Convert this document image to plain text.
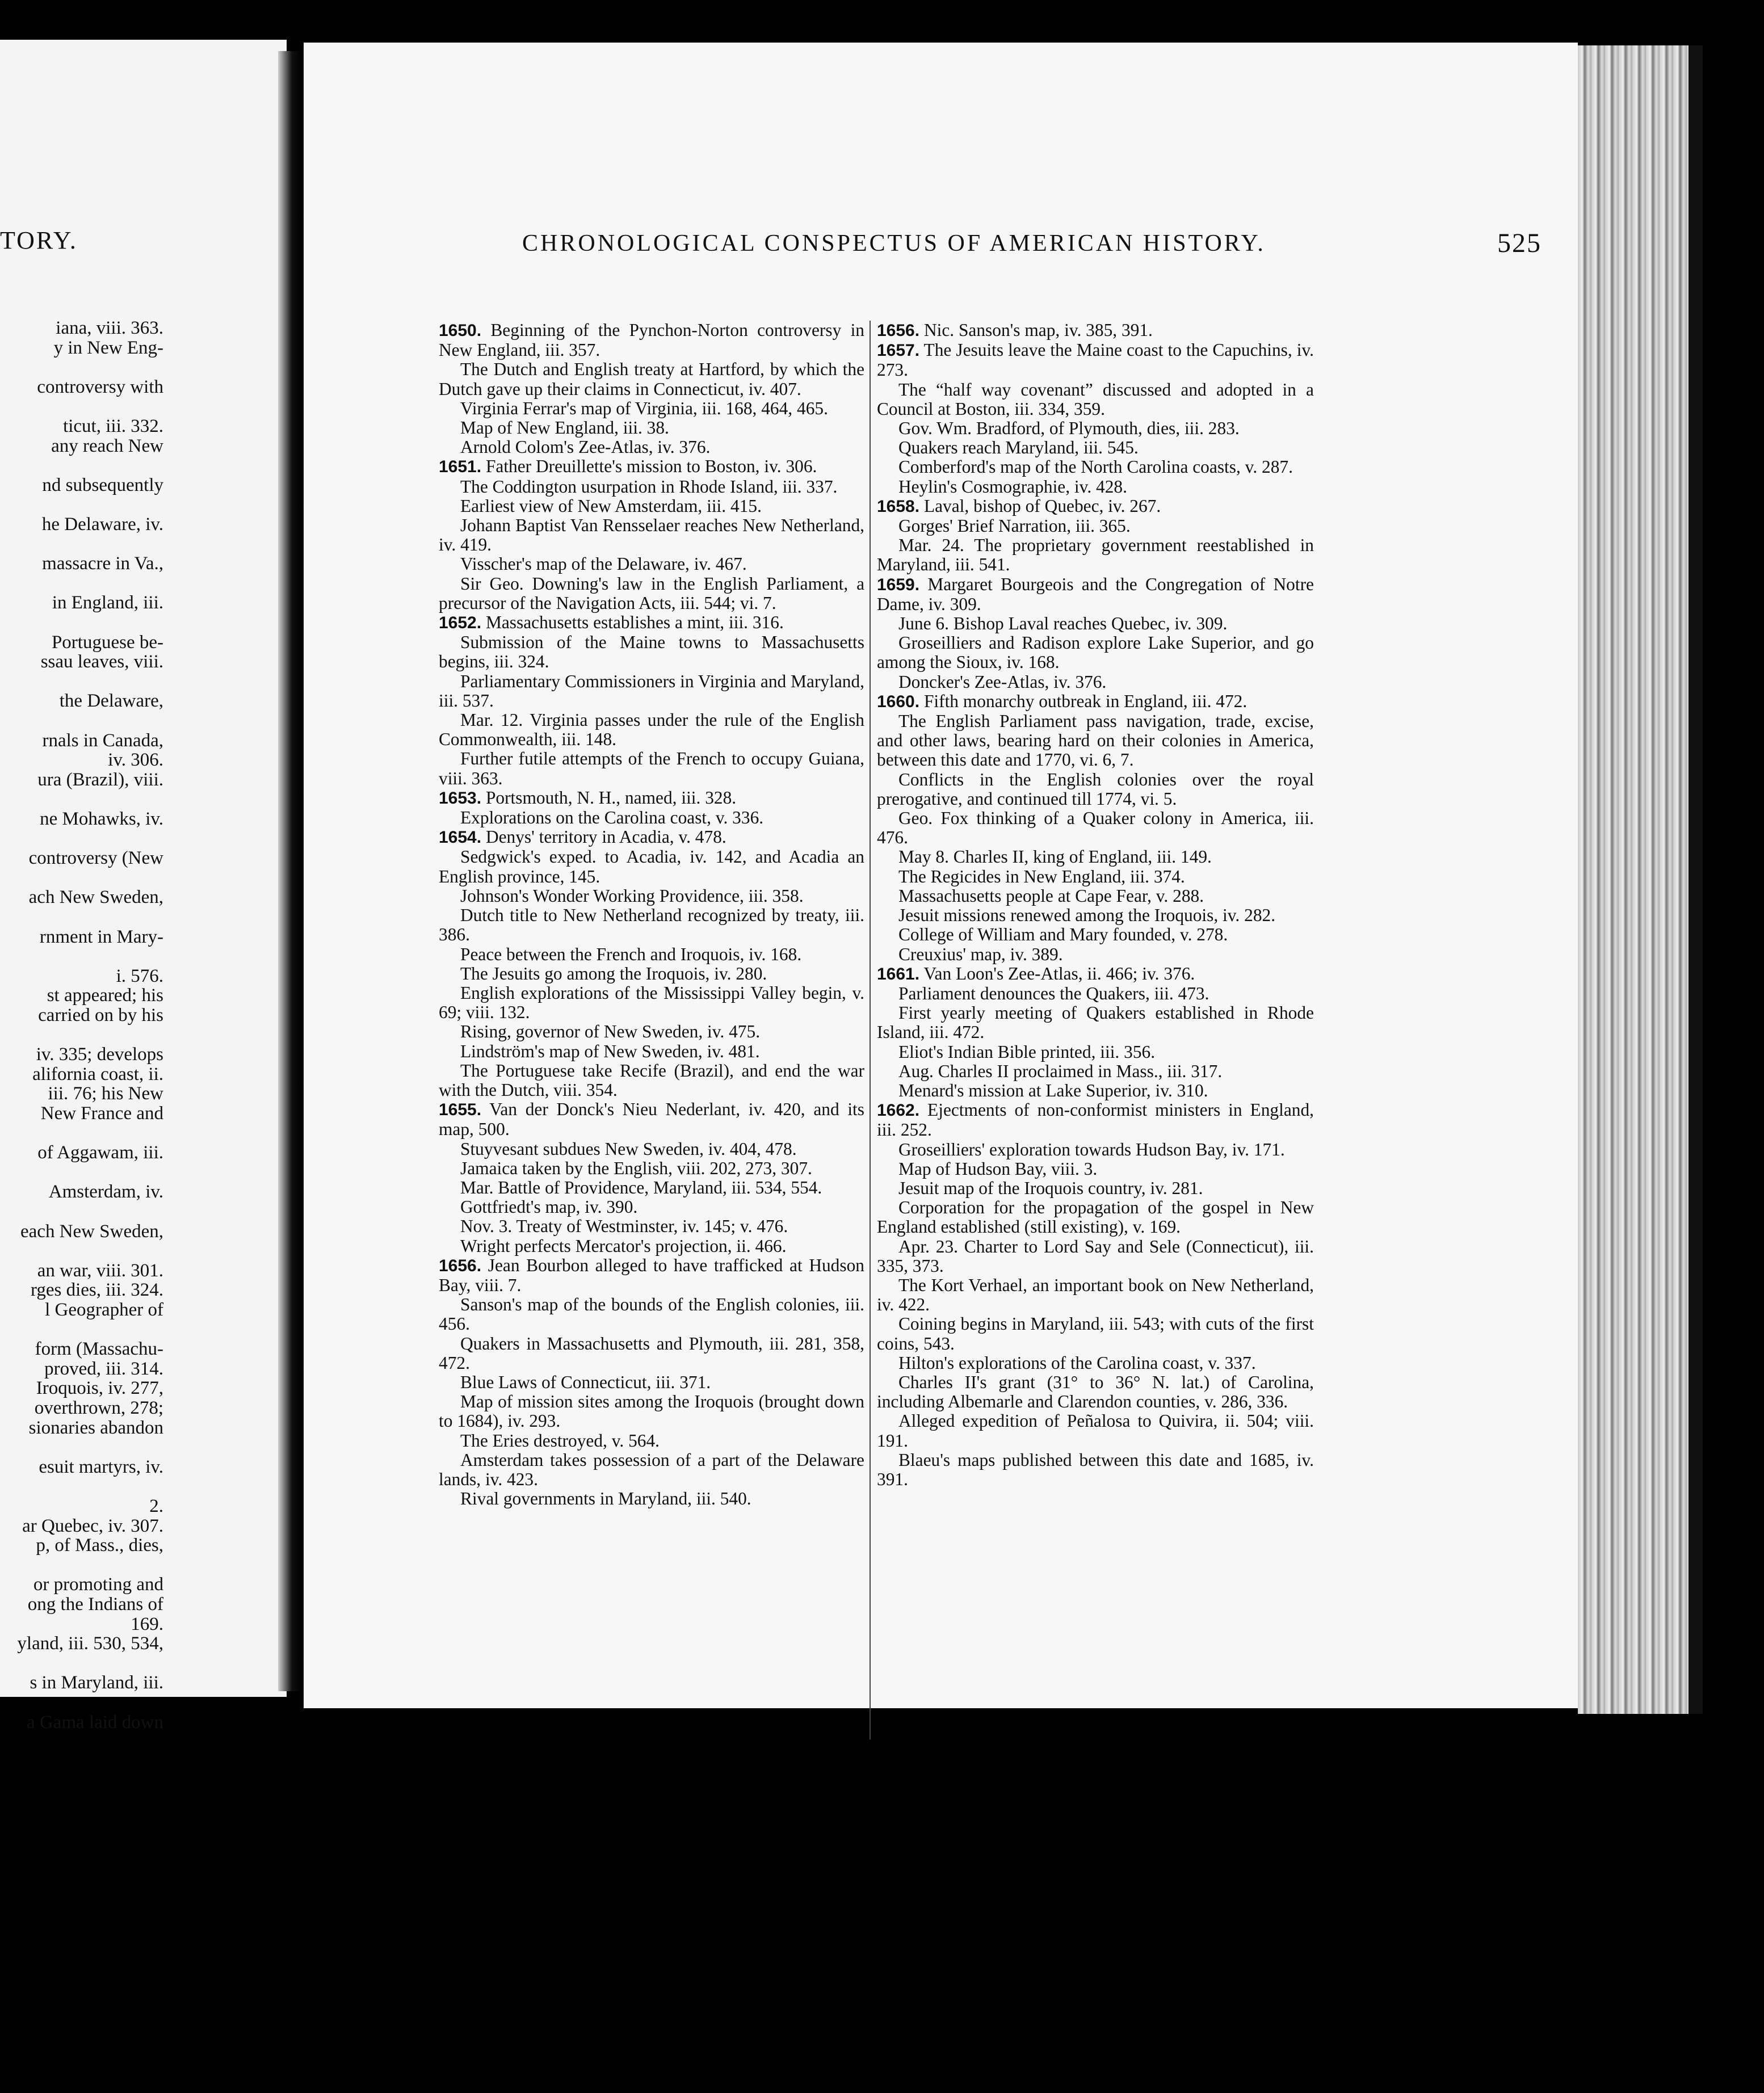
TORY.
iana, viii. 363.
y in New Eng-
controversy with
ticut, iii. 332.
any reach New
nd subsequently
he Delaware, iv.
massacre in Va.,
in England, iii.
Portuguese be-
ssau leaves, viii.
the Delaware,
rnals in Canada,
iv. 306.
ura (Brazil), viii.
ne Mohawks, iv.
controversy (New
ach New Sweden,
rnment in Mary-
i. 576.
st appeared; his
carried on by his
iv. 335; develops
alifornia coast, ii.
iii. 76; his New
New France and
of Aggawam, iii.
Amsterdam, iv.
each New Sweden,
an war, viii. 301.
rges dies, iii. 324.
l Geographer of
form (Massachu-
proved, iii. 314.
Iroquois, iv. 277,
overthrown, 278;
sionaries abandon
esuit martyrs, iv.
2.
ar Quebec, iv. 307.
p, of Mass., dies,
or promoting and
ong the Indians of
169.
yland, iii. 530, 534,
s in Maryland, iii.
a Gama laid down
CHRONOLOGICAL CONSPECTUS OF AMERICAN HISTORY.	525

1650. Beginning of the Pynchon-Norton controversy in New England, iii. 357.

The Dutch and English treaty at Hartford, by which the Dutch gave up their claims in Connecticut, iv. 407.

Virginia Ferrar's map of Virginia, iii. 168, 464, 465.

Map of New England, iii. 38.

Arnold Colom's Zee-Atlas, iv. 376.

1651. Father Dreuillette's mission to Boston, iv. 306.

The Coddington usurpation in Rhode Island, iii. 337.

Earliest view of New Amsterdam, iii. 415.

Johann Baptist Van Rensselaer reaches New Netherland, iv. 419.

Visscher's map of the Delaware, iv. 467.

Sir Geo. Downing's law in the English Parliament, a precursor of the Navigation Acts, iii. 544; vi. 7.

1652. Massachusetts establishes a mint, iii. 316.

Submission of the Maine towns to Massachusetts begins, iii. 324.

Parliamentary Commissioners in Virginia and Maryland, iii. 537.

Mar. 12. Virginia passes under the rule of the English Commonwealth, iii. 148.

Further futile attempts of the French to occupy Guiana, viii. 363.

1653. Portsmouth, N. H., named, iii. 328.

Explorations on the Carolina coast, v. 336.

1654. Denys' territory in Acadia, v. 478.

Sedgwick's exped. to Acadia, iv. 142, and Acadia an English province, 145.

Johnson's Wonder Working Providence, iii. 358.

Dutch title to New Netherland recognized by treaty, iii. 386.

Peace between the French and Iroquois, iv. 168.

The Jesuits go among the Iroquois, iv. 280.

English explorations of the Mississippi Valley begin, v. 69; viii. 132.

Rising, governor of New Sweden, iv. 475.

Lindström's map of New Sweden, iv. 481.

The Portuguese take Recife (Brazil), and end the war with the Dutch, viii. 354.

1655. Van der Donck's Nieu Nederlant, iv. 420, and its map, 500.

Stuyvesant subdues New Sweden, iv. 404, 478.

Jamaica taken by the English, viii. 202, 273, 307.

Mar. Battle of Providence, Maryland, iii. 534, 554.

Gottfriedt's map, iv. 390.

Nov. 3. Treaty of Westminster, iv. 145; v. 476.

Wright perfects Mercator's projection, ii. 466.

1656. Jean Bourbon alleged to have trafficked at Hudson Bay, viii. 7.

Sanson's map of the bounds of the English colonies, iii. 456.

Quakers in Massachusetts and Plymouth, iii. 281, 358, 472.

Blue Laws of Connecticut, iii. 371.

Map of mission sites among the Iroquois (brought down to 1684), iv. 293.

The Eries destroyed, v. 564.

Amsterdam takes possession of a part of the Delaware lands, iv. 423.

Rival governments in Maryland, iii. 540.

1656. Nic. Sanson's map, iv. 385, 391.

1657. The Jesuits leave the Maine coast to the Capuchins, iv. 273.

The “half way covenant” discussed and adopted in a Council at Boston, iii. 334, 359.

Gov. Wm. Bradford, of Plymouth, dies, iii. 283.

Quakers reach Maryland, iii. 545.

Comberford's map of the North Carolina coasts, v. 287.

Heylin's Cosmographie, iv. 428.

1658. Laval, bishop of Quebec, iv. 267.

Gorges' Brief Narration, iii. 365.

Mar. 24. The proprietary government reestablished in Maryland, iii. 541.

1659. Margaret Bourgeois and the Congregation of Notre Dame, iv. 309.

June 6. Bishop Laval reaches Quebec, iv. 309.

Groseilliers and Radison explore Lake Superior, and go among the Sioux, iv. 168.

Doncker's Zee-Atlas, iv. 376.

1660. Fifth monarchy outbreak in England, iii. 472.

The English Parliament pass navigation, trade, excise, and other laws, bearing hard on their colonies in America, between this date and 1770, vi. 6, 7.

Conflicts in the English colonies over the royal prerogative, and continued till 1774, vi. 5.

Geo. Fox thinking of a Quaker colony in America, iii. 476.

May 8. Charles II, king of England, iii. 149.

The Regicides in New England, iii. 374.

Massachusetts people at Cape Fear, v. 288.

Jesuit missions renewed among the Iroquois, iv. 282.

College of William and Mary founded, v. 278.

Creuxius' map, iv. 389.

1661. Van Loon's Zee-Atlas, ii. 466; iv. 376.

Parliament denounces the Quakers, iii. 473.

First yearly meeting of Quakers established in Rhode Island, iii. 472.

Eliot's Indian Bible printed, iii. 356.

Aug. Charles II proclaimed in Mass., iii. 317.

Menard's mission at Lake Superior, iv. 310.

1662. Ejectments of non-conformist ministers in England, iii. 252.

Groseilliers' exploration towards Hudson Bay, iv. 171.

Map of Hudson Bay, viii. 3.

Jesuit map of the Iroquois country, iv. 281.

Corporation for the propagation of the gospel in New England established (still existing), v. 169.

Apr. 23. Charter to Lord Say and Sele (Connecticut), iii. 335, 373.

The Kort Verhael, an important book on New Netherland, iv. 422.

Coining begins in Maryland, iii. 543; with cuts of the first coins, 543.

Hilton's explorations of the Carolina coast, v. 337.

Charles II's grant (31° to 36° N. lat.) of Carolina, including Albemarle and Clarendon counties, v. 286, 336.

Alleged expedition of Peñalosa to Quivira, ii. 504; viii. 191.

Blaeu's maps published between this date and 1685, iv. 391.
